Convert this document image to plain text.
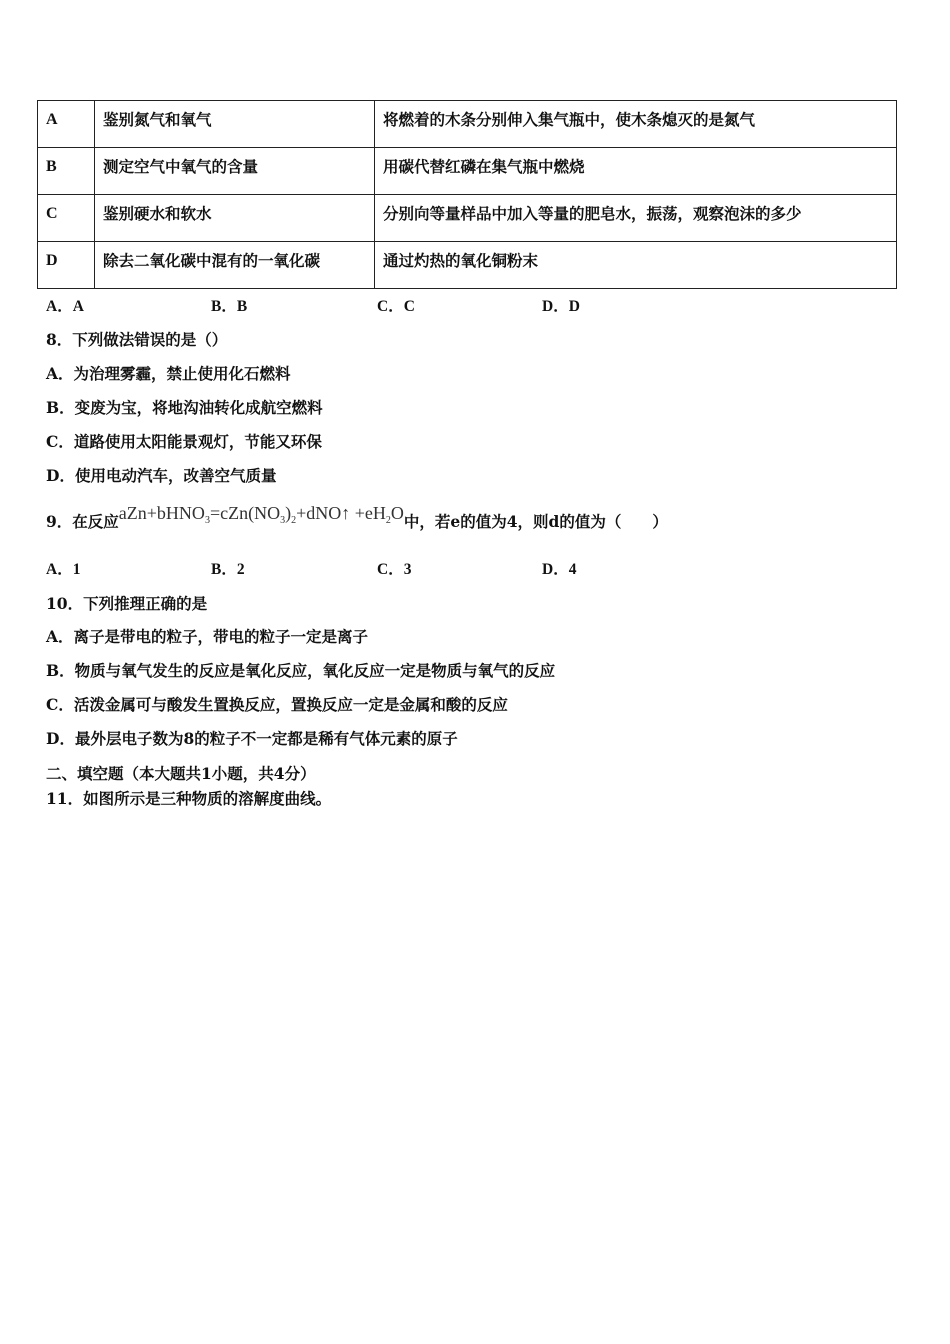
A	鉴别氮气和氧气	将燃着的木条分别伸入集气瓶中，使木条熄灭的是氮气
B	测定空气中氧气的含量	用碳代替红磷在集气瓶中燃烧
C	鉴别硬水和软水	分别向等量样品中加入等量的肥皂水，振荡，观察泡沫的多少
D	除去二氧化碳中混有的一氧化碳	通过灼热的氧化铜粉末
A．A	B．B	C．C	D．D
8．下列做法错误的是（）
A．为治理雾霾，禁止使用化石燃料
B．变废为宝，将地沟油转化成航空燃料
C．道路使用太阳能景观灯，节能又环保
D．使用电动汽车，改善空气质量
9．在反应$aZn+bHNO_3=cZn(NO_3)_2+dNO↑ +eH_2O$中，若e的值为4，则d的值为（　　）
A．1	B．2	C．3	D．4
10．下列推理正确的是
A．离子是带电的粒子，带电的粒子一定是离子
B．物质与氧气发生的反应是氧化反应，氧化反应一定是物质与氧气的反应
C．活泼金属可与酸发生置换反应，置换反应一定是金属和酸的反应
D．最外层电子数为8的粒子不一定都是稀有气体元素的原子
二、填空题（本大题共1小题，共4分）
11．如图所示是三种物质的溶解度曲线。
